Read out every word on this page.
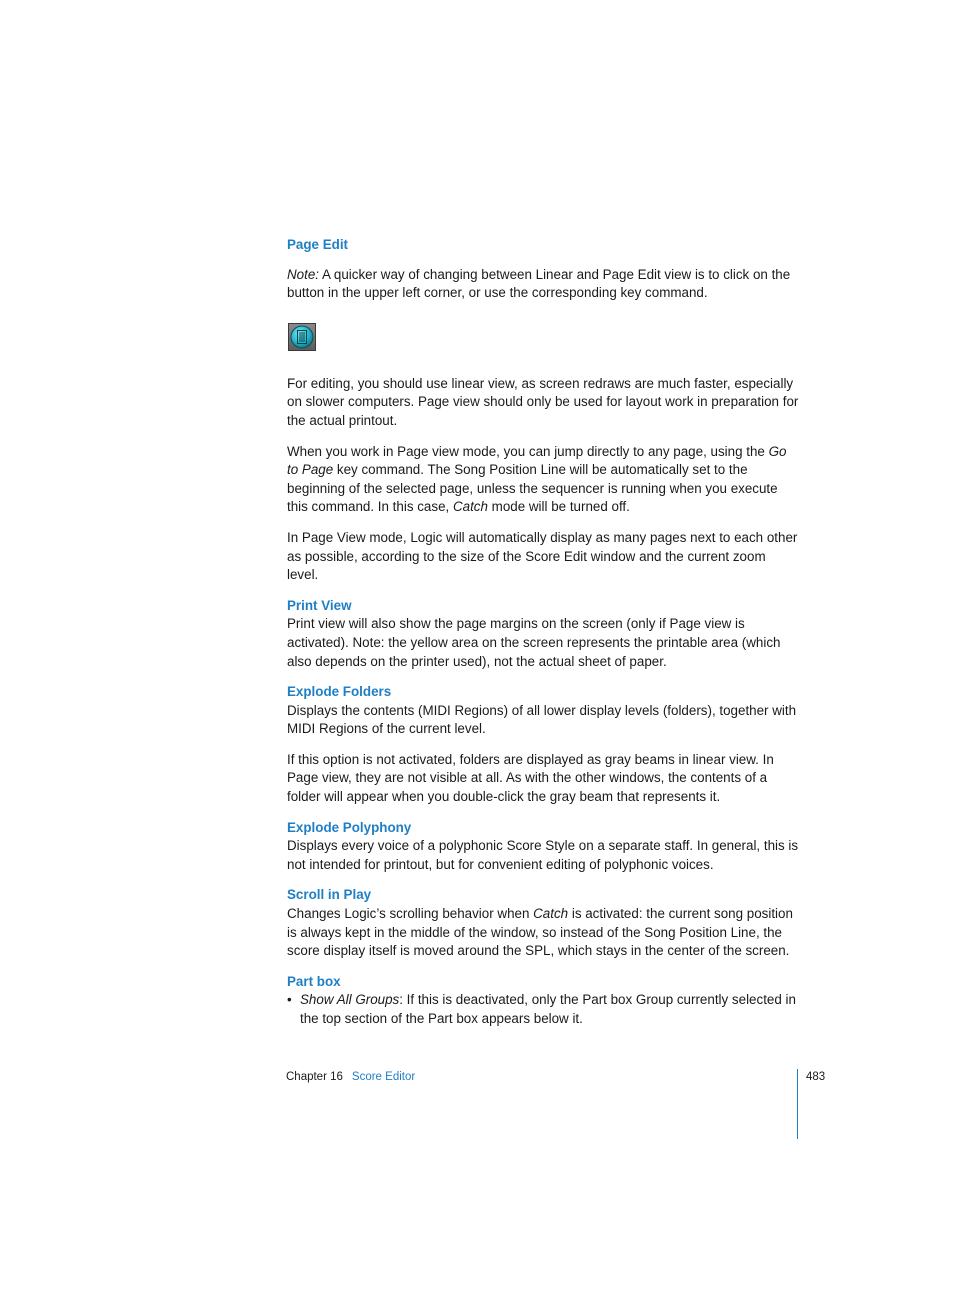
Page Edit

Note: A quicker way of changing between Linear and Page Edit view is to click on the button in the upper left corner, or use the corresponding key command.

For editing, you should use linear view, as screen redraws are much faster, especially on slower computers. Page view should only be used for layout work in preparation for the actual printout.

When you work in Page view mode, you can jump directly to any page, using the Go to Page key command. The Song Position Line will be automatically set to the beginning of the selected page, unless the sequencer is running when you execute this command. In this case, Catch mode will be turned off.

In Page View mode, Logic will automatically display as many pages next to each other as possible, according to the size of the Score Edit window and the current zoom level.

Print View

Print view will also show the page margins on the screen (only if Page view is activated). Note: the yellow area on the screen represents the printable area (which also depends on the printer used), not the actual sheet of paper.

Explode Folders

Displays the contents (MIDI Regions) of all lower display levels (folders), together with MIDI Regions of the current level.

If this option is not activated, folders are displayed as gray beams in linear view. In Page view, they are not visible at all. As with the other windows, the contents of a folder will appear when you double-click the gray beam that represents it.

Explode Polyphony

Displays every voice of a polyphonic Score Style on a separate staff. In general, this is not intended for printout, but for convenient editing of polyphonic voices.

Scroll in Play

Changes Logic’s scrolling behavior when Catch is activated: the current song position is always kept in the middle of the window, so instead of the Song Position Line, the score display itself is moved around the SPL, which stays in the center of the screen.

Part box
• Show All Groups: If this is deactivated, only the Part box Group currently selected in the top section of the Part box appears below it.
Chapter 16 Score Editor	483
